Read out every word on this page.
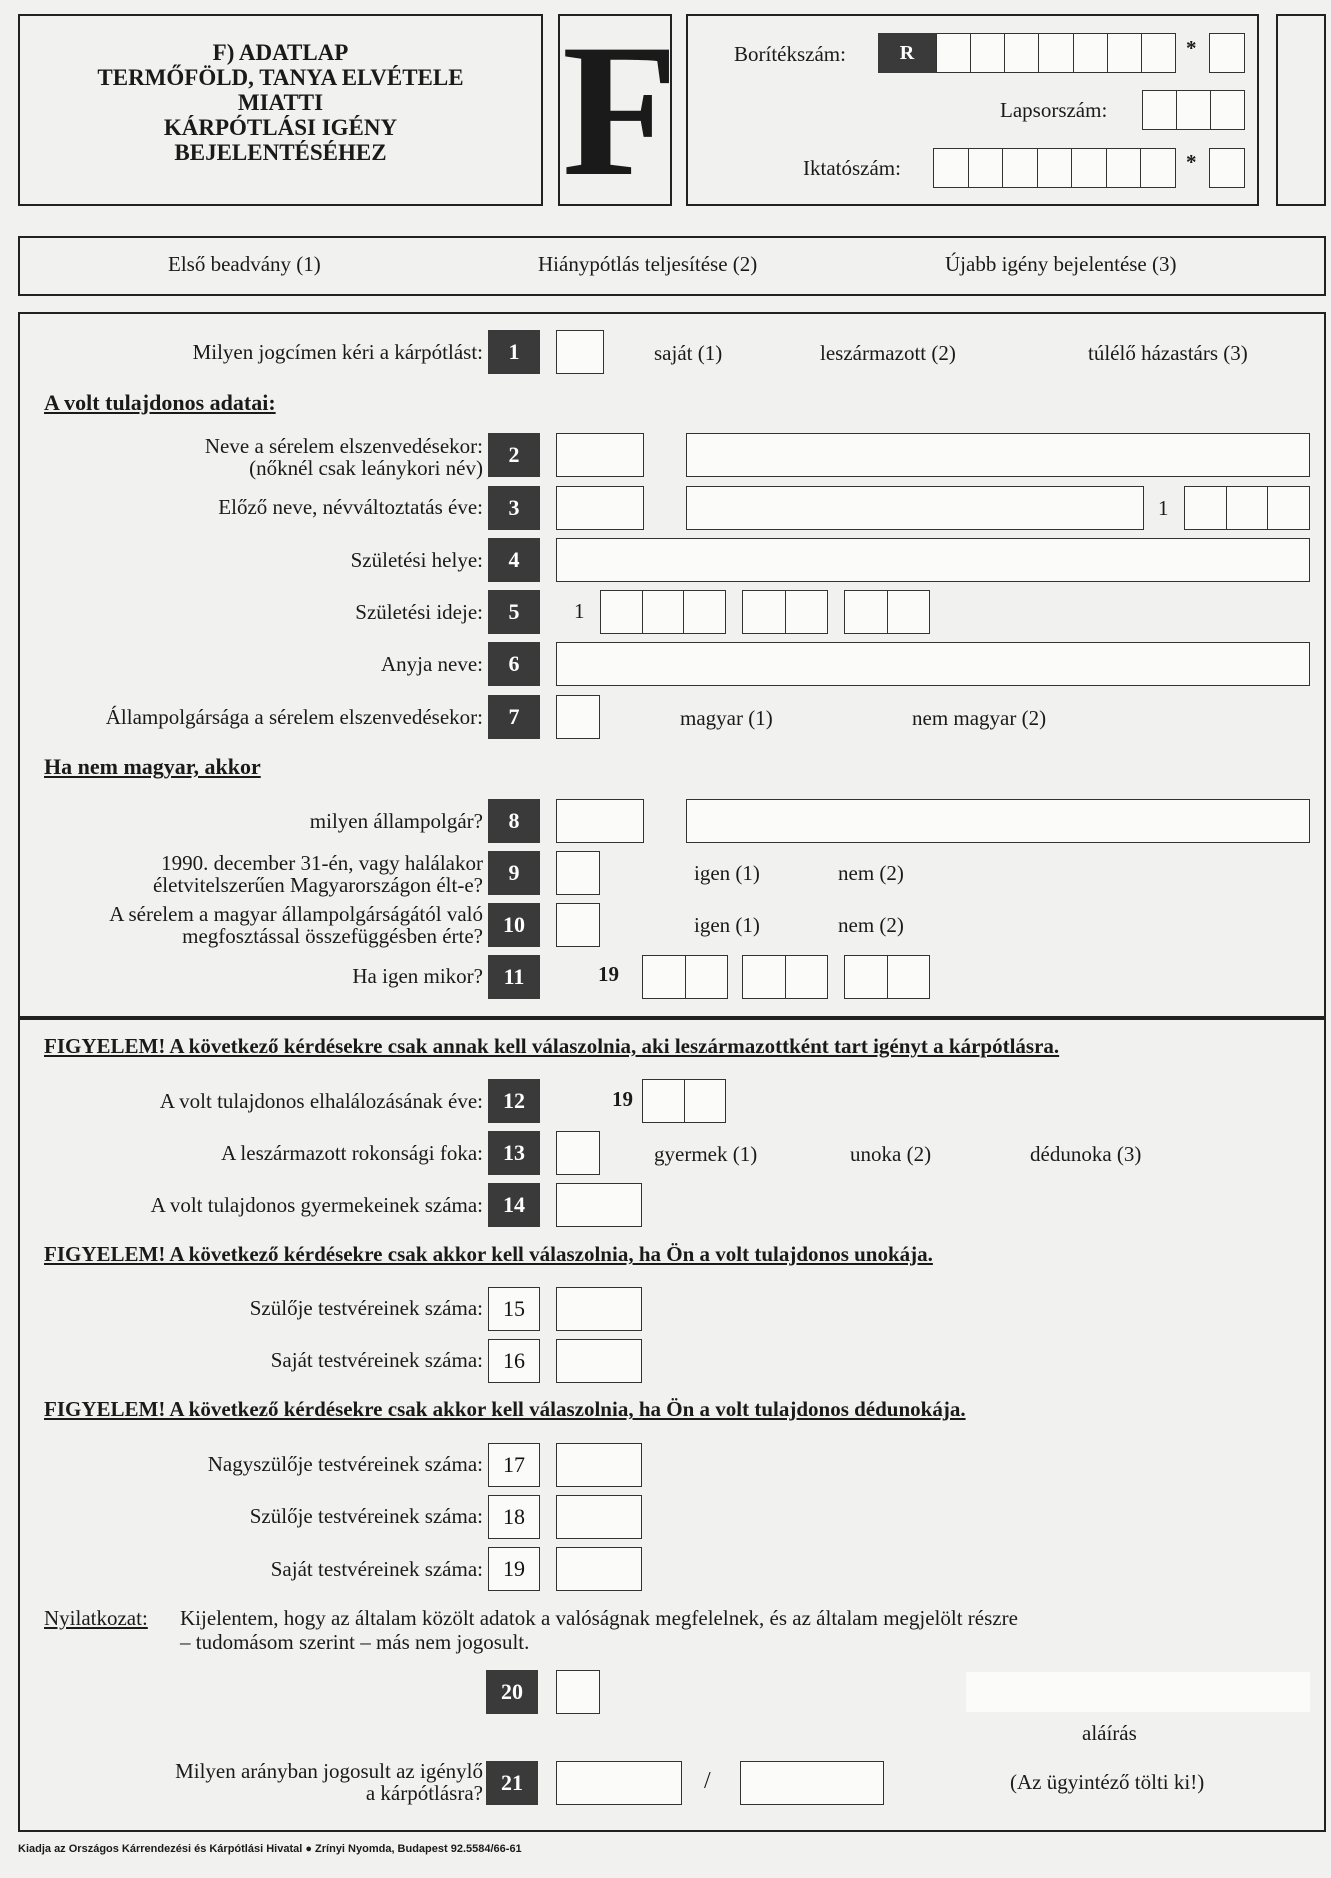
F) ADATLAP
TERMŐFÖLD, TANYA ELVÉTELE
MIATTI
KÁRPÓTLÁSI IGÉNY
BEJELENTÉSÉHEZ F	Borítékszám:	R	*
Lapsorszám:
Iktatószám:	*
Első beadvány (1)	Hiánypótlás teljesítése (2)	Újabb igény bejelentése (3)
Milyen jogcímen kéri a kárpótlást:	1	saját (1)	leszármazott (2)	túlélő házastárs (3)
A volt tulajdonos adatai:
Neve a sérelem elszenvedésekor:
(nőknél csak leánykori név)
2
Előző neve, névváltoztatás éve:	3	1
Születési helye:	4
Születési ideje:	5	1
Anyja neve:	6
Állampolgársága a sérelem elszenvedésekor:	7	magyar (1)	nem magyar (2)
Ha nem magyar, akkor
milyen állampolgár?	8
1990. december 31-én, vagy halálakor
életvitelszerűen Magyarországon élt-e?	9	igen (1)	nem (2)
A sérelem a magyar állampolgárságától való
megfosztással összefüggésben érte? 10	igen (1)	nem (2)
Ha igen mikor? 11	19
FIGYELEM! A következő kérdésekre csak annak kell válaszolnia, aki leszármazottként tart igényt a kárpótlásra.
A volt tulajdonos elhalálozásának éve: 12	19
A leszármazott rokonsági foka: 13	gyermek (1)	unoka (2)	dédunoka (3)
A volt tulajdonos gyermekeinek száma: 14
FIGYELEM! A következő kérdésekre csak akkor kell válaszolnia, ha Ön a volt tulajdonos unokája.
Szülője testvéreinek száma: 15
Saját testvéreinek száma: 16
FIGYELEM! A következő kérdésekre csak akkor kell válaszolnia, ha Ön a volt tulajdonos dédunokája.
Nagyszülője testvéreinek száma: 17
Szülője testvéreinek száma: 18
Saját testvéreinek száma: 19
Nyilatkozat: Kijelentem, hogy az általam közölt adatok a valóságnak megfelelnek, és az általam megjelölt részre
– tudomásom szerint – más nem jogosult.
20
aláírás
Milyen arányban jogosult az igénylő
a kárpótlásra? 21	/	(Az ügyintéző tölti ki!)
Kiadja az Országos Kárrendezési és Kárpótlási Hivatal ● Zrínyi Nyomda, Budapest 92.5584/66-61
